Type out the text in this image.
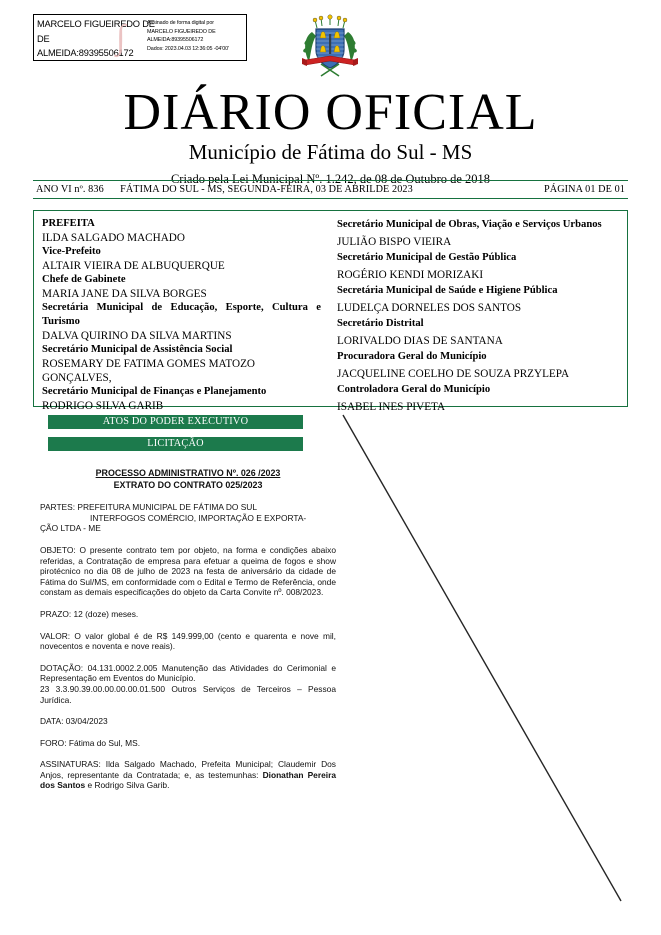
MARCELO FIGUEIREDO DE
DE
ALMEIDA:89395506172
Assinado de forma digital por
MARCELO FIGUEIREDO DE
ALMEIDA:89395506172
Dados: 2023.04.03 12:36:05 -04'00'
∫
DIÁRIO OFICIAL
Município de Fátima do Sul - MS
Criado pela Lei Municipal Nº. 1.242, de 08 de Outubro de 2018
ANO VI nº. 836 FÁTIMA DO SUL - MS, SEGUNDA-FEIRA, 03 DE ABRILDE 2023	PÁGINA 01 DE 01
PREFEITA
ILDA SALGADO MACHADO
Vice-Prefeito
ALTAIR VIEIRA DE ALBUQUERQUE
Chefe de Gabinete
MARIA JANE DA SILVA BORGES
Secretária Municipal de Educação, Esporte, Cultura e Turismo
DALVA QUIRINO DA SILVA MARTINS
Secretário Municipal de Assistência Social
ROSEMARY DE FATIMA GOMES MATOZO GONÇALVES,
Secretário Municipal de Finanças e Planejamento
RODRIGO SILVA GARIB
Secretário Municipal de Obras, Viação e Serviços Urbanos
JULIÃO BISPO VIEIRA
Secretário Municipal de Gestão Pública
ROGÉRIO KENDI MORIZAKI
Secretária Municipal de Saúde e Higiene Pública
LUDELÇA DORNELES DOS SANTOS
Secretário Distrital
LORIVALDO DIAS DE SANTANA
Procuradora Geral do Município
JACQUELINE COELHO DE SOUZA PRZYLEPA
Controladora Geral do Município
ISABEL INES PIVETA
ATOS DO PODER EXECUTIVO
LICITAÇÃO
PROCESSO ADMINISTRATIVO Nº. 026 /2023
EXTRATO DO CONTRATO 025/2023
PARTES: PREFEITURA MUNICIPAL DE FÁTIMA DO SUL
INTERFOGOS COMÉRCIO, IMPORTAÇÃO E EXPORTA-
ÇÃO LTDA - ME
OBJETO: O presente contrato tem por objeto, na forma e condições abaixo referidas, a Contratação de empresa para efetuar a queima de fogos e show pirotécnico no dia 08 de julho de 2023 na festa de aniversário da cidade de Fátima do Sul/MS, em conformidade com o Edital e Termo de Referência, onde constam as demais especificações do objeto da Carta Convite nº. 008/2023.
PRAZO: 12 (doze) meses.
VALOR: O valor global é de R$ 149.999,00 (cento e quarenta e nove mil, novecentos e noventa e nove reais).
DOTAÇÃO: 04.131.0002.2.005 Manutenção das Atividades do Cerimonial e Representação em Eventos do Município.
23 3.3.90.39.00.00.00.00.01.500 Outros Serviços de Terceiros – Pessoa Jurídica.
DATA: 03/04/2023
FORO: Fátima do Sul, MS.
ASSINATURAS: Ilda Salgado Machado, Prefeita Municipal; Claudemir Dos Anjos, representante da Contratada; e, as testemunhas: Dionathan Pereira dos Santos e Rodrigo Silva Garib.
